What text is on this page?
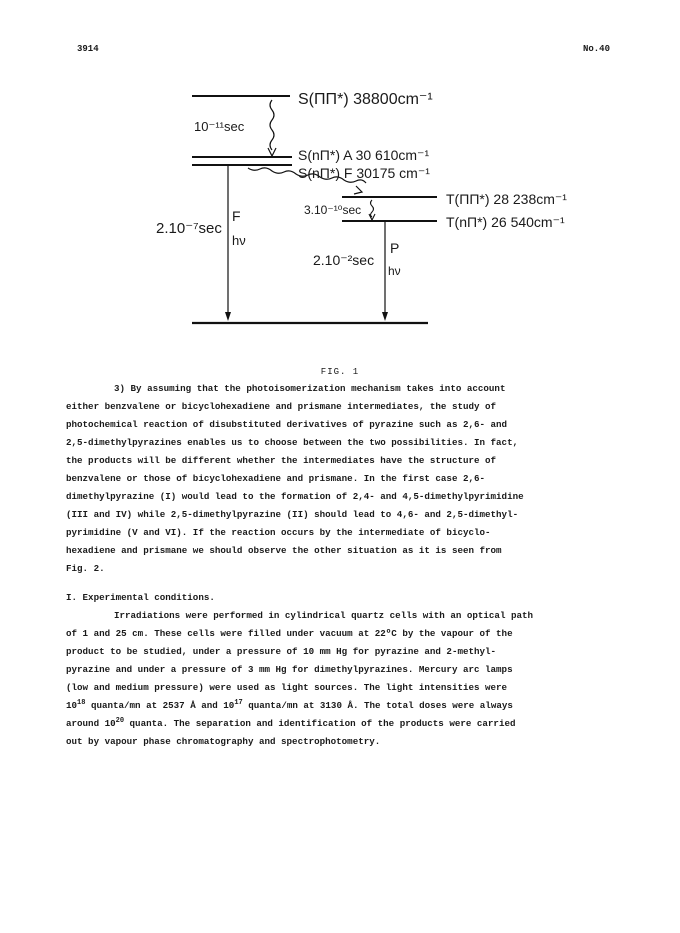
3914	No.40
S(ΠΠ*) 38800cm⁻¹
S(nΠ*) A 30 610cm⁻¹
S(nΠ*) F 30175 cm⁻¹
T(ΠΠ*) 28 238cm⁻¹
T(nΠ*) 26 540cm⁻¹
10⁻¹¹sec
3.10⁻¹⁰sec
2.10⁻⁷sec
F
hν
2.10⁻²sec
P
hν
FIG. 1

3) By assuming that the photoisomerization mechanism takes into account

either benzvalene or bicyclohexadiene and prismane intermediates, the study of

photochemical reaction of disubstituted derivatives of pyrazine such as 2,6- and

2,5-dimethylpyrazines enables us to choose between the two possibilities. In fact,

the products will be different whether the intermediates have the structure of

benzvalene or those of bicyclohexadiene and prismane. In the first case 2,6-

dimethylpyrazine (I) would lead to the formation of 2,4- and 4,5-dimethylpyrimidine

(III and IV) while 2,5-dimethylpyrazine (II) should lead to 4,6- and 2,5-dimethyl-

pyrimidine (V and VI). If the reaction occurs by the intermediate of bicyclo-

hexadiene and prismane we should observe the other situation as it is seen from

Fig. 2.

I. Experimental conditions.

Irradiations were performed in cylindrical quartz cells with an optical path

of 1 and 25 cm. These cells were filled under vacuum at 22ºC by the vapour of the

product to be studied, under a pressure of 10 mm Hg for pyrazine and 2-methyl-

pyrazine and under a pressure of 3 mm Hg for dimethylpyrazines. Mercury arc lamps

(low and medium pressure) were used as light sources. The light intensities were

$10^{18}$ quanta/mn at 2537 Å and $10^{17}$ quanta/mn at 3130 Å. The total doses were always

around $10^{20}$ quanta. The separation and identification of the products were carried

out by vapour phase chromatography and spectrophotometry.
